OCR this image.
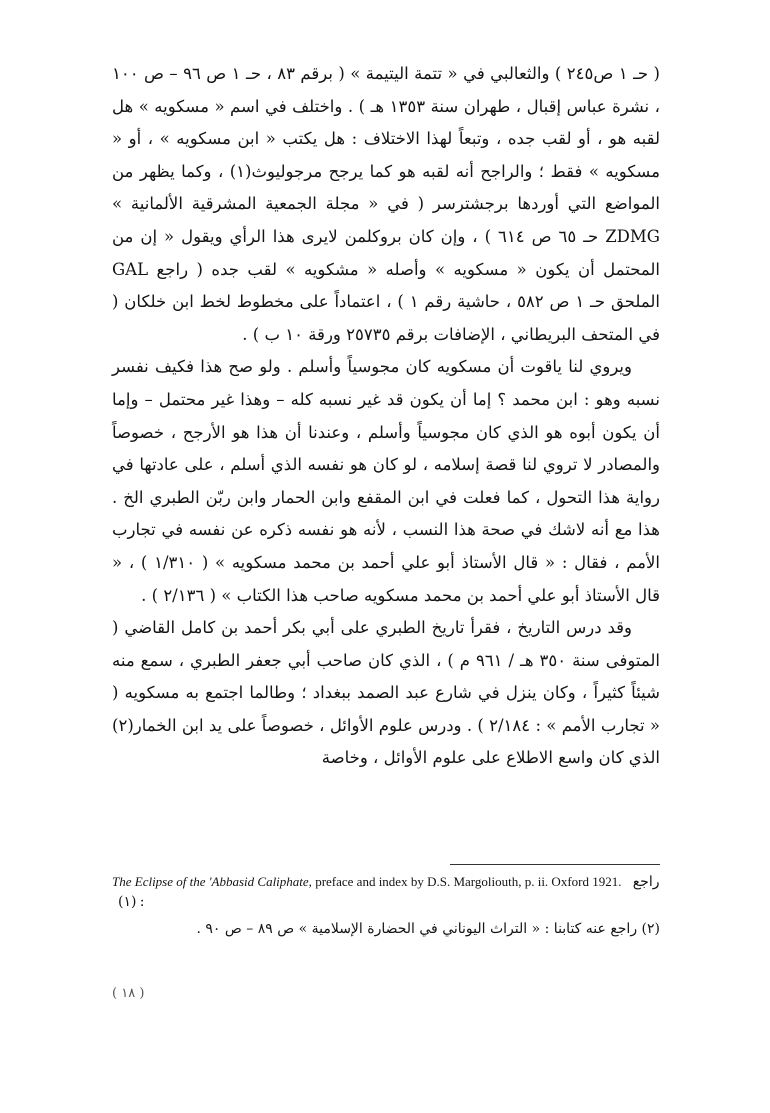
( حـ ١ ص٢٤٥ ) والثعالبي في « تتمة اليتيمة » ( برقم ٨٣ ، حـ ١ ص ٩٦ – ص ١٠٠ ، نشرة عباس إقبال ، طهران سنة ١٣٥٣ هـ ) . واختلف في اسم « مسكويه » هل لقبه هو ، أو لقب جده ، وتبعاً لهذا الاختلاف : هل يكتب « ابن مسكويه » ، أو « مسكويه » فقط ؛ والراجح أنه لقبه هو كما يرجح مرجوليوث(١) ، وكما يظهر من المواضع التي أوردها برجشترسر ( في « مجلة الجمعية المشرقية الألمانية » ZDMG حـ ٦٥ ص ٦١٤ ) ، وإن كان بروكلمن لايرى هذا الرأي ويقول « إن من المحتمل أن يكون « مسكويه » وأصله « مشكويه » لقب جده ( راجع GAL الملحق حـ ١ ص ٥٨٢ ، حاشية رقم ١ ) ، اعتماداً على مخطوط لخط ابن خلكان ( في المتحف البريطاني ، الإضافات برقم ٢٥٧٣٥ ورقة ١٠ ب ) .

ويروي لنا ياقوت أن مسكويه كان مجوسياً وأسلم . ولو صح هذا فكيف نفسر نسبه وهو : ابن محمد ؟ إما أن يكون قد غير نسبه كله – وهذا غير محتمل – وإما أن يكون أبوه هو الذي كان مجوسياً وأسلم ، وعندنا أن هذا هو الأرجح ، خصوصاً والمصادر لا تروي لنا قصة إسلامه ، لو كان هو نفسه الذي أسلم ، على عادتها في رواية هذا التحول ، كما فعلت في ابن المقفع وابن الحمار وابن ربّن الطبري الخ . هذا مع أنه لاشك في صحة هذا النسب ، لأنه هو نفسه ذكره عن نفسه في تجارب الأمم ، فقال : « قال الأستاذ أبو علي أحمد بن محمد مسكويه » ( ١/٣١٠ ) ، « قال الأستاذ أبو علي أحمد بن محمد مسكويه صاحب هذا الكتاب » ( ٢/١٣٦ ) .

وقد درس التاريخ ، فقرأ تاريخ الطبري على أبي بكر أحمد بن كامل القاضي ( المتوفى سنة ٣٥٠ هـ / ٩٦١ م ) ، الذي كان صاحب أبي جعفر الطبري ، سمع منه شيئاً كثيراً ، وكان ينزل في شارع عبد الصمد ببغداد ؛ وطالما اجتمع به مسكويه ( « تجارب الأمم » : ٢/١٨٤ ) . ودرس علوم الأوائل ، خصوصاً على يد ابن الخمار(٢) الذي كان واسع الاطلاع على علوم الأوائل ، وخاصة

The Eclipse of the 'Abbasid Caliphate, preface and index by D.S. Margoliouth, p. ii. Oxford 1921. راجع : (١)
(٢) راجع عنه كتابنا : « التراث اليوناني في الحضارة الإسلامية » ص ٨٩ – ص ٩٠ .
( ١٨ )
